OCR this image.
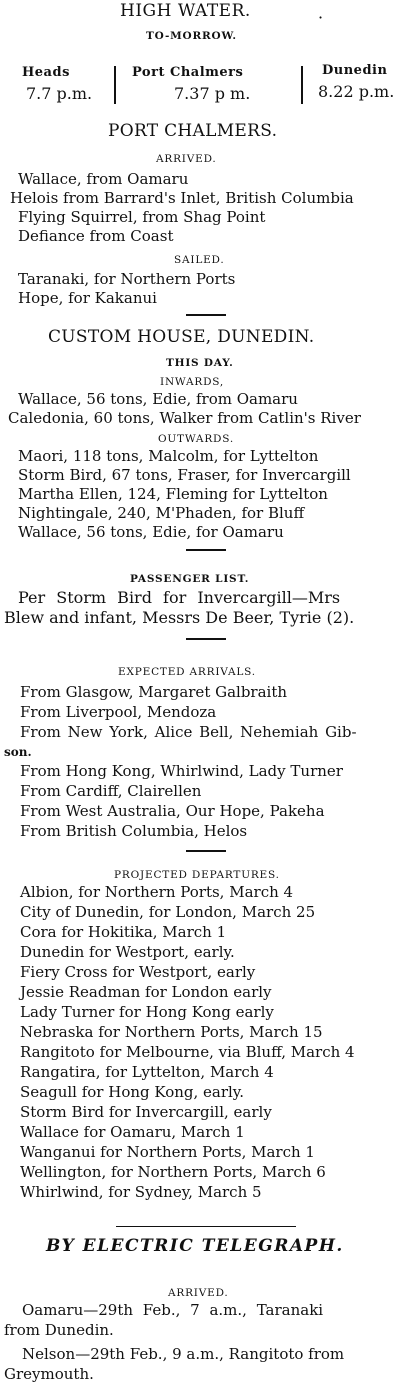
HIGH WATER.	·
TO-MORROW.
Heads
7.7 p.m.
Port Chalmers
7.37 p m.
Dunedin
8.22 p.m.
PORT CHALMERS.
ARRIVED.
Wallace, from Oamaru
Helois from Barrard's Inlet, British Columbia
Flying Squirrel, from Shag Point
Defiance from Coast
SAILED.
Taranaki, for Northern Ports
Hope, for Kakanui
CUSTOM HOUSE, DUNEDIN.
THIS DAY.
INWARDS,
Wallace, 56 tons, Edie, from Oamaru
Caledonia, 60 tons, Walker from Catlin's River
OUTWARDS.
Maori, 118 tons, Malcolm, for Lyttelton
Storm Bird, 67 tons, Fraser, for Invercargill
Martha Ellen, 124, Fleming for Lyttelton
Nightingale, 240, M'Phaden, for Bluff
Wallace, 56 tons, Edie, for Oamaru
PASSENGER LIST.
Per Storm Bird for Invercargill—Mrs
Blew and infant, Messrs De Beer, Tyrie (2).
EXPECTED ARRIVALS.
From Glasgow, Margaret Galbraith
From Liverpool, Mendoza
From New York, Alice Bell, Nehemiah Gib-
son.
From Hong Kong, Whirlwind, Lady Turner
From Cardiff, Clairellen
From West Australia, Our Hope, Pakeha
From British Columbia, Helos
PROJECTED DEPARTURES.
Albion, for Northern Ports, March 4
City of Dunedin, for London, March 25
Cora for Hokitika, March 1
Dunedin for Westport, early.
Fiery Cross for Westport, early
Jessie Readman for London early
Lady Turner for Hong Kong early
Nebraska for Northern Ports, March 15
Rangitoto for Melbourne, via Bluff, March 4
Rangatira, for Lyttelton, March 4
Seagull for Hong Kong, early.
Storm Bird for Invercargill, early
Wallace for Oamaru, March 1
Wanganui for Northern Ports, March 1
Wellington, for Northern Ports, March 6
Whirlwind, for Sydney, March 5
BY ELECTRIC TELEGRAPH.
ARRIVED.
Oamaru—29th Feb., 7 a.m., Taranaki
from Dunedin.
Nelson—29th Feb., 9 a.m., Rangitoto from
Greymouth.
